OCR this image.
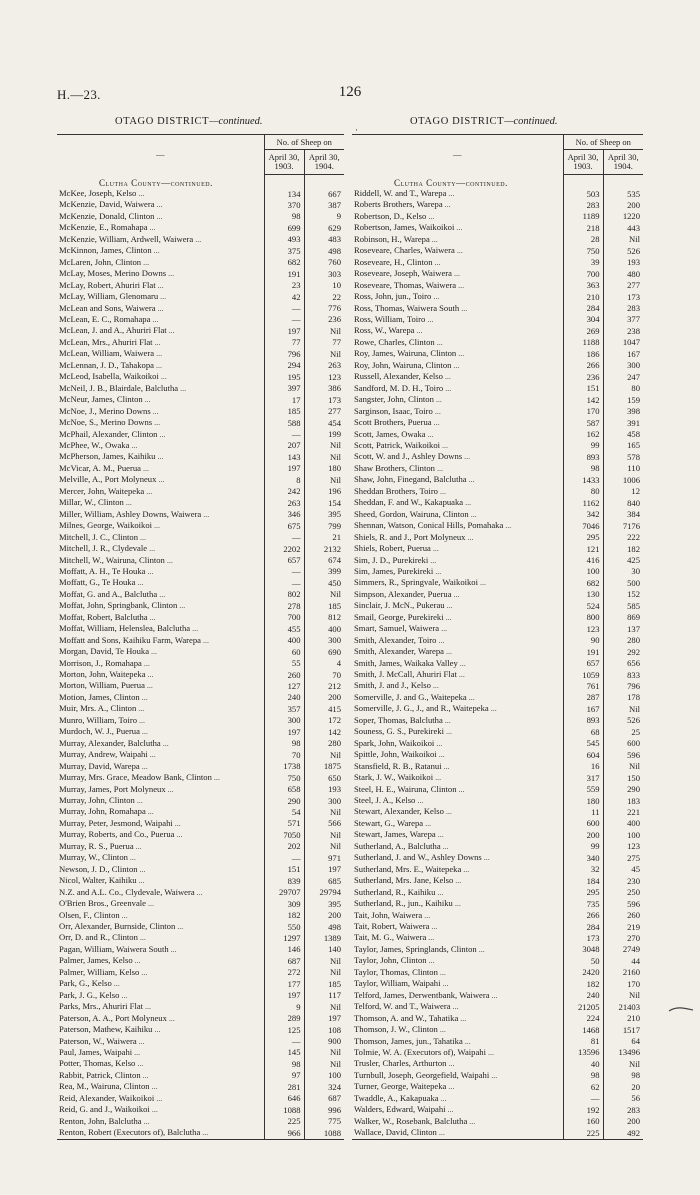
H.—23.	126
OTAGO DISTRICT—continued.
—	No. of Sheep on	
	April 30,
1903.	April 30,
1904.
Clutha County—continued.		
McKee, Joseph, Kelso ...	134	667
McKenzie, David, Waiwera ...	370	387
McKenzie, Donald, Clinton ...	98	9
McKenzie, E., Romahapa ...	699	629
McKenzie, William, Ardwell, Waiwera ...	493	483
McKinnon, James, Clinton ...	375	498
McLaren, John, Clinton ...	682	760
McLay, Moses, Merino Downs ...	191	303
McLay, Robert, Ahuriri Flat ...	23	10
McLay, William, Glenomaru ...	42	22
McLean and Sons, Waiwera ...	—	776
McLean, E. C., Romahapa ...	—	236
McLean, J. and A., Ahuriri Flat ...	197	Nil
McLean, Mrs., Ahuriri Flat ...	77	77
McLean, William, Waiwera ...	796	Nil
McLennan, J. D., Tahakopa ...	294	263
McLeod, Isabella, Waikoikoi ...	195	123
McNeil, J. B., Blairdale, Balclutha ...	397	386
McNeur, James, Clinton ...	17	173
McNoe, J., Merino Downs ...	185	277
McNoe, S., Merino Downs ...	588	454
McPhail, Alexander, Clinton ...	—	199
McPhee, W., Owaka ...	207	Nil
McPherson, James, Kaihiku ...	143	Nil
McVicar, A. M., Puerua ...	197	180
Melville, A., Port Molyneux ...	8	Nil
Mercer, John, Waitepeka ...	242	196
Millar, W., Clinton ...	263	154
Miller, William, Ashley Downs, Waiwera ...	346	395
Milnes, George, Waikoikoi ...	675	799
Mitchell, J. C., Clinton ...	—	21
Mitchell, J. R., Clydevale ...	2202	2132
Mitchell, W., Wairuna, Clinton ...	657	674
Moffatt, A. H., Te Houka ...	—	399
Moffatt, G., Te Houka ...	—	450
Moffat, G. and A., Balclutha ...	802	Nil
Moffat, John, Springbank, Clinton ...	278	185
Moffat, Robert, Balclutha ...	700	812
Moffat, William, Helenslea, Balclutha ...	455	400
Moffatt and Sons, Kaihiku Farm, Warepa ...	400	300
Morgan, David, Te Houka ...	60	690
Morrison, J., Romahapa ...	55	4
Morton, John, Waitepeka ...	260	70
Morton, William, Puerua ...	127	212
Motion, James, Clinton ...	240	200
Muir, Mrs. A., Clinton ...	357	415
Munro, William, Toiro ...	300	172
Murdoch, W. J., Puerua ...	197	142
Murray, Alexander, Balclutha ...	98	280
Murray, Andrew, Waipahi ...	70	Nil
Murray, David, Warepa ...	1738	1875
Murray, Mrs. Grace, Meadow Bank, Clinton ...	750	650
Murray, James, Port Molyneux ...	658	193
Murray, John, Clinton ...	290	300
Murray, John, Romahapa ...	54	Nil
Murray, Peter, Jesmond, Waipahi ...	571	566
Murray, Roberts, and Co., Puerua ...	7050	Nil
Murray, R. S., Puerua ...	202	Nil
Murray, W., Clinton ...	—	971
Newson, J. D., Clinton ...	151	197
Nicol, Walter, Kaihiku ...	839	685
N.Z. and A.L. Co., Clydevale, Waiwera ...	29707	29794
O'Brien Bros., Greenvale ...	309	395
Olsen, F., Clinton ...	182	200
Orr, Alexander, Burnside, Clinton ...	550	498
Orr, D. and R., Clinton ...	1297	1389
Pagan, William, Waiwera South ...	146	140
Palmer, James, Kelso ...	687	Nil
Palmer, William, Kelso ...	272	Nil
Park, G., Kelso ...	177	185
Park, J. G., Kelso ...	197	117
Parks, Mrs., Ahuriri Flat ...	9	Nil
Paterson, A. A., Port Molyneux ...	289	197
Paterson, Mathew, Kaihiku ...	125	108
Paterson, W., Waiwera ...	—	900
Paul, James, Waipahi ...	145	Nil
Potter, Thomas, Kelso ...	98	Nil
Rabbit, Patrick, Clinton ...	97	100
Rea, M., Wairuna, Clinton ...	281	324
Reid, Alexander, Waikoikoi ...	646	687
Reid, G. and J., Waikoikoi ...	1088	996
Renton, John, Balclutha ...	225	775
Renton, Robert (Executors of), Balclutha ...	966	1088
·
OTAGO DISTRICT—continued.
—	No. of Sheep on	
	April 30,
1903.	April 30,
1904.
Clutha County—continued.		
Riddell, W. and T., Warepa ...	503	535
Roberts Brothers, Warepa ...	283	200
Robertson, D., Kelso ...	1189	1220
Robertson, James, Waikoikoi ...	218	443
Robinson, H., Warepa ...	28	Nil
Roseveare, Charles, Waiwera ...	750	526
Roseveare, H., Clinton ...	39	193
Roseveare, Joseph, Waiwera ...	700	480
Roseveare, Thomas, Waiwera ...	363	277
Ross, John, jun., Toiro ...	210	173
Ross, Thomas, Waiwera South ...	284	283
Ross, William, Toiro ...	304	377
Ross, W., Warepa ...	269	238
Rowe, Charles, Clinton ...	1188	1047
Roy, James, Wairuna, Clinton ...	186	167
Roy, John, Wairuna, Clinton ...	266	300
Russell, Alexander, Kelso ...	236	247
Sandford, M. D. H., Toiro ...	151	80
Sangster, John, Clinton ...	142	159
Sarginson, Isaac, Toiro ...	170	398
Scott Brothers, Puerua ...	587	391
Scott, James, Owaka ...	162	458
Scott, Patrick, Waikoikoi ...	99	165
Scott, W. and J., Ashley Downs ...	893	578
Shaw Brothers, Clinton ...	98	110
Shaw, John, Finegand, Balclutha ...	1433	1006
Sheddan Brothers, Toiro ...	80	12
Sheddan, F. and W., Kakapuaka ...	1162	840
Sheed, Gordon, Wairuna, Clinton ...	342	384
Shennan, Watson, Conical Hills, Pomahaka ...	7046	7176
Shiels, R. and J., Port Molyneux ...	295	222
Shiels, Robert, Puerua ...	121	182
Sim, J. D., Purekireki ...	416	425
Sim, James, Purekireki ...	100	30
Simmers, R., Springvale, Waikoikoi ...	682	500
Simpson, Alexander, Puerua ...	130	152
Sinclair, J. McN., Pukerau ...	524	585
Smail, George, Purekireki ...	800	869
Smart, Samuel, Waiwera ...	123	137
Smith, Alexander, Toiro ...	90	280
Smith, Alexander, Warepa ...	191	292
Smith, James, Waikaka Valley ...	657	656
Smith, J. McCall, Ahuriri Flat ...	1059	833
Smith, J. and J., Kelso ...	761	796
Somerville, J. and G., Waitepeka ...	287	178
Somerville, J. G., J., and R., Waitepeka ...	167	Nil
Soper, Thomas, Balclutha ...	893	526
Souness, G. S., Purekireki ...	68	25
Spark, John, Waikoikoi ...	545	600
Spittle, John, Waikoikoi ...	604	596
Stansfield, R. B., Ratanui ...	16	Nil
Stark, J. W., Waikoikoi ...	317	150
Steel, H. E., Wairuna, Clinton ...	559	290
Steel, J. A., Kelso ...	180	183
Stewart, Alexander, Kelso ...	11	221
Stewart, G., Warepa ...	600	400
Stewart, James, Warepa ...	200	100
Sutherland, A., Balclutha ...	99	123
Sutherland, J. and W., Ashley Downs ...	340	275
Sutherland, Mrs. E., Waitepeka ...	32	45
Sutherland, Mrs. Jane, Kelso ...	184	230
Sutherland, R., Kaihiku ...	295	250
Sutherland, R., jun., Kaihiku ...	735	596
Tait, John, Waiwera ...	266	260
Tait, Robert, Waiwera ...	284	219
Tait, M. G., Waiwera ...	173	270
Taylor, James, Springlands, Clinton ...	3048	2749
Taylor, John, Clinton ...	50	44
Taylor, Thomas, Clinton ...	2420	2160
Taylor, William, Waipahi ...	182	170
Telford, James, Derwentbank, Waiwera ...	240	Nil
Telford, W. and T., Waiwera ...	21205	21403
Thomson, A. and W., Tahatika ...	224	210
Thomson, J. W., Clinton ...	1468	1517
Thomson, James, jun., Tahatika ...	81	64
Tolmie, W. A. (Executors of), Waipahi ...	13596	13496
Trusler, Charles, Arthurton ...	40	Nil
Turnbull, Joseph, Georgefield, Waipahi ...	98	98
Turner, George, Waitepeka ...	62	20
Twaddle, A., Kakapuaka ...	—	56
Walders, Edward, Waipahi ...	192	283
Walker, W., Rosebank, Balclutha ...	160	200
Wallace, David, Clinton ...	225	492
